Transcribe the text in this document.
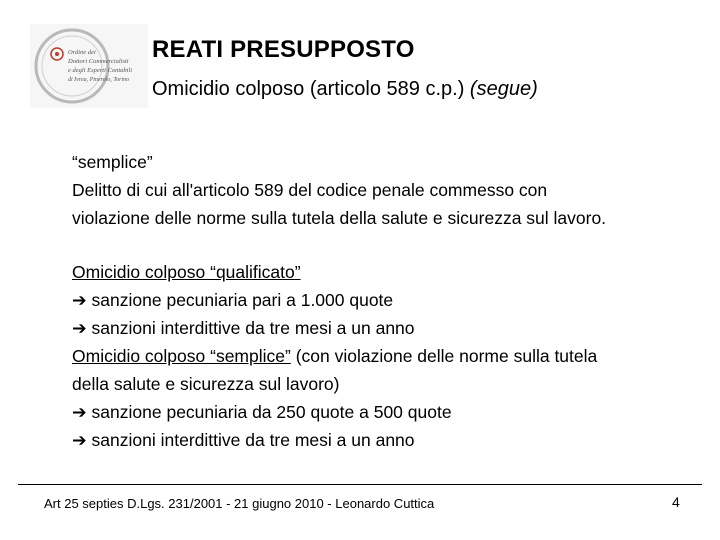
Ordine dei
Dottori Commercialisti
e degli Esperti Contabili
di Ivrea, Pinerolo, Torino
REATI PRESUPPOSTO
Omicidio colposo (articolo 589 c.p.) (segue)
“semplice”
Delitto di cui all'articolo 589 del codice penale commesso con
violazione delle norme sulla tutela della salute e sicurezza sul lavoro.
Omicidio colposo “qualificato”
➔ sanzione pecuniaria pari a 1.000 quote
➔ sanzioni interdittive da tre mesi a un anno
Omicidio colposo “semplice” (con violazione delle norme sulla tutela
della salute e sicurezza sul lavoro)
➔ sanzione pecuniaria da 250 quote a 500 quote
➔ sanzioni interdittive da tre mesi a un anno
Art 25 septies D.Lgs. 231/2001 - 21 giugno 2010 - Leonardo Cuttica	4
